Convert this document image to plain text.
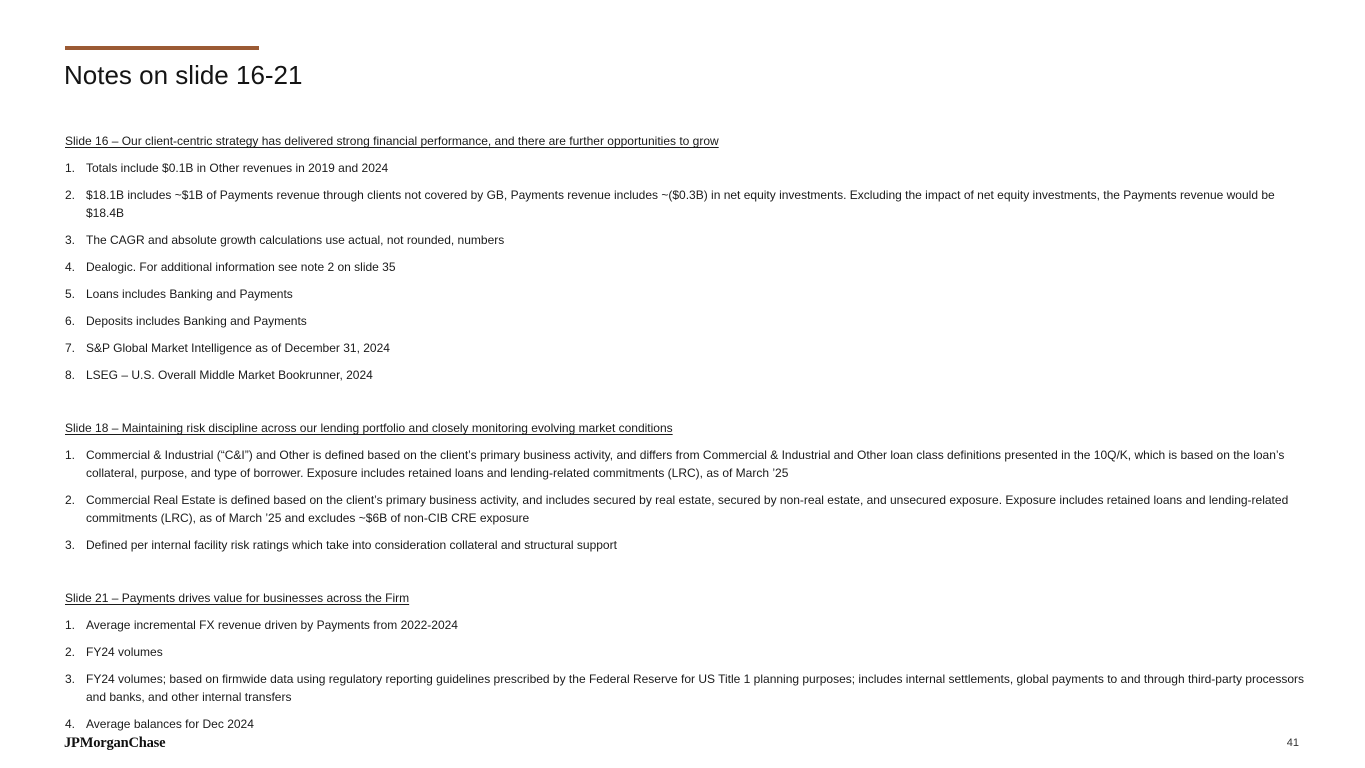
Notes on slide 16-21
Slide 16 – Our client-centric strategy has delivered strong financial performance, and there are further opportunities to grow
1. Totals include $0.1B in Other revenues in 2019 and 2024
2. $18.1B includes ~$1B of Payments revenue through clients not covered by GB, Payments revenue includes ~($0.3B) in net equity investments. Excluding the impact of net equity investments, the Payments revenue would be $18.4B
3. The CAGR and absolute growth calculations use actual, not rounded, numbers
4. Dealogic. For additional information see note 2 on slide 35
5. Loans includes Banking and Payments
6. Deposits includes Banking and Payments
7. S&P Global Market Intelligence as of December 31, 2024
8. LSEG – U.S. Overall Middle Market Bookrunner, 2024
Slide 18 – Maintaining risk discipline across our lending portfolio and closely monitoring evolving market conditions
1. Commercial & Industrial (“C&I”) and Other is defined based on the client’s primary business activity, and differs from Commercial & Industrial and Other loan class definitions presented in the 10Q/K, which is based on the loan’s collateral, purpose, and type of borrower. Exposure includes retained loans and lending-related commitments (LRC), as of March ’25
2. Commercial Real Estate is defined based on the client’s primary business activity, and includes secured by real estate, secured by non-real estate, and unsecured exposure. Exposure includes retained loans and lending-related commitments (LRC), as of March ’25 and excludes ~$6B of non-CIB CRE exposure
3. Defined per internal facility risk ratings which take into consideration collateral and structural support
Slide 21 – Payments drives value for businesses across the Firm
1. Average incremental FX revenue driven by Payments from 2022-2024
2. FY24 volumes
3. FY24 volumes; based on firmwide data using regulatory reporting guidelines prescribed by the Federal Reserve for US Title 1 planning purposes; includes internal settlements, global payments to and through third-party processors and banks, and other internal transfers
4. Average balances for Dec 2024
JPMorganChase	41
